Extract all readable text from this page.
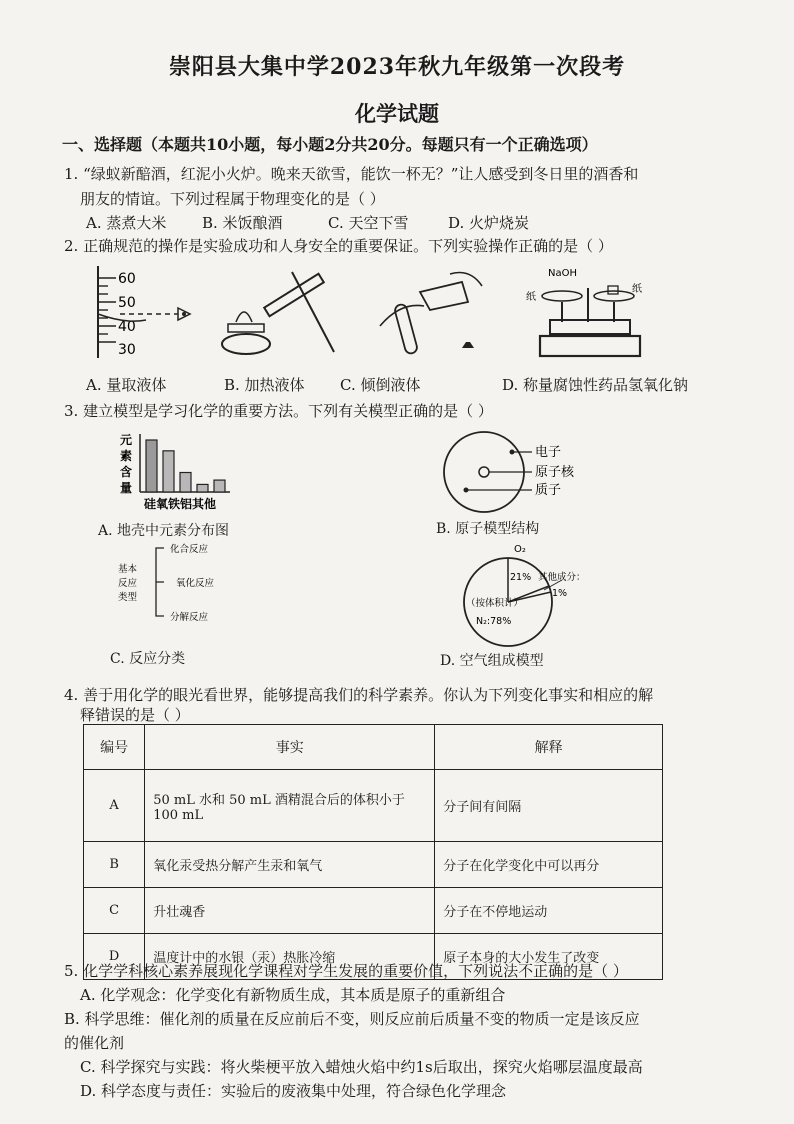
崇阳县大集中学2023年秋九年级第一次段考
化学试题
一、选择题（本题共10小题，每小题2分共20分。每题只有一个正确选项）
1. “绿蚁新醅酒，红泥小火炉。晚来天欲雪，能饮一杯无？”让人感受到冬日里的酒香和
朋友的情谊。下列过程属于物理变化的是（ ）
A. 蒸煮大米 B. 米饭酿酒	C. 天空下雪	D. 火炉烧炭
2. 正确规范的操作是实验成功和人身安全的重要保证。下列实验操作正确的是（ ）
60
50
40
30
NaOH
纸
纸
A. 量取液体	B. 加热液体 C. 倾倒液体	D. 称量腐蚀性药品氢氧化钠
3. 建立模型是学习化学的重要方法。下列有关模型正确的是（ ）
元
素
含
量
硅氧铁铝其他
A. 地壳中元素分布图
电子
原子核
质子
B. 原子模型结构
基本
反应
类型
化合反应
氧化反应
分解反应
C. 反应分类
O₂
21% 其他成分：
1%
（按体积计）
N₂:78%
D. 空气组成模型
4. 善于用化学的眼光看世界，能够提高我们的科学素养。你认为下列变化事实和相应的解
释错误的是（ ）
编号	事实	解释
A	50 mL 水和 50 mL 酒精混合后的体积小于 100 mL	分子间有间隔
B	氧化汞受热分解产生汞和氧气	分子在化学变化中可以再分
C	升壮魂香	分子在不停地运动
D	温度计中的水银（汞）热胀冷缩	原子本身的大小发生了改变
5. 化学学科核心素养展现化学课程对学生发展的重要价值，下列说法不正确的是（ ）
A. 化学观念：化学变化有新物质生成，其本质是原子的重新组合
B. 科学思维：催化剂的质量在反应前后不变，则反应前后质量不变的物质一定是该反应
的催化剂
C. 科学探究与实践：将火柴梗平放入蜡烛火焰中约1s后取出，探究火焰哪层温度最高
D. 科学态度与责任：实验后的废液集中处理，符合绿色化学理念
